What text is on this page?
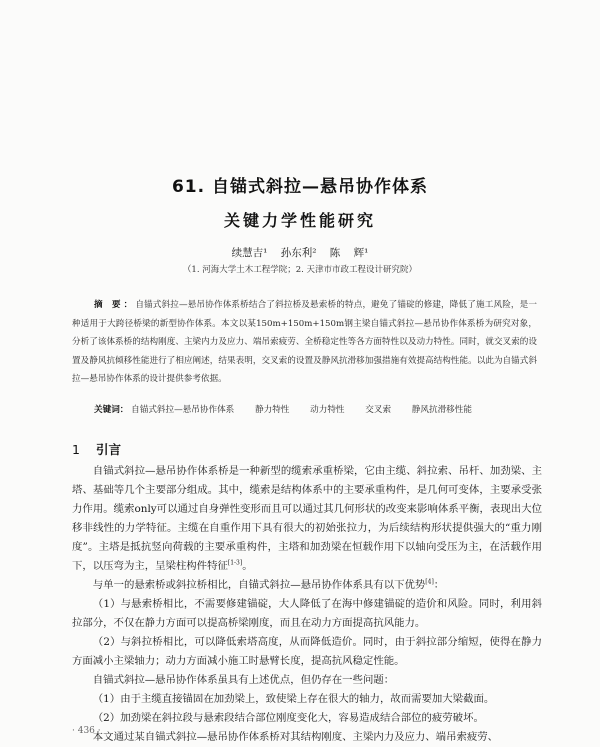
61. 自锚式斜拉—悬吊协作体系
关键力学性能研究
续慧吉¹ 孙东利² 陈 辉¹
（1. 河海大学土木工程学院；2. 天津市市政工程设计研究院）
摘 要：自锚式斜拉—悬吊协作体系桥结合了斜拉桥及悬索桥的特点，避免了锚碇的修建，降低了施工风险，是一种适用于大跨径桥梁的新型协作体系。本文以某150m+150m+150m钢主梁自锚式斜拉—悬吊协作体系桥为研究对象，分析了该体系桥的结构刚度、主梁内力及应力、端吊索疲劳、全桥稳定性等各方面特性以及动力特性。同时，就交叉索的设置及静风抗倾移性能进行了相应阐述，结果表明，交叉索的设置及静风抗滑移加强措施有效提高结构性能。以此为自锚式斜拉—悬吊协作体系的设计提供参考依据。
关键词： 自锚式斜拉—悬吊协作体系 静力特性 动力特性 交叉索 静风抗滑移性能
1 引言

自锚式斜拉—悬吊协作体系桥是一种新型的缆索承重桥梁，它由主缆、斜拉索、吊杆、加劲梁、主塔、基础等几个主要部分组成。其中，缆索是结构体系中的主要承重构件，是几何可变体，主要承受张力作用。缆索only可以通过自身弹性变形而且可以通过其几何形状的改变来影响体系平衡，表现出大位移非线性的力学特征。主缆在自重作用下具有很大的初始张拉力，为后续结构形状提供强大的“重力刚度”。主塔是抵抗竖向荷载的主要承重构件，主塔和加劲梁在恒载作用下以轴向受压为主，在活载作用下，以压弯为主，呈梁柱构件特征[1-3]。

与单一的悬索桥或斜拉桥相比，自锚式斜拉—悬吊协作体系具有以下优势[4]：

（1）与悬索桥相比，不需要修建锚碇，大人降低了在海中修建锚碇的造价和风险。同时，利用斜拉部分，不仅在静力方面可以提高桥梁刚度，而且在动力方面提高抗风能力。

（2）与斜拉桥相比，可以降低索塔高度，从而降低造价。同时，由于斜拉部分缩短，使得在静力方面减小主梁轴力；动力方面减小施工时悬臂长度，提高抗风稳定性能。

自锚式斜拉—悬吊协作体系虽具有上述优点，但仍存在一些问题：

（1）由于主缆直接锚固在加劲梁上，致使梁上存在很大的轴力，故而需要加大梁截面。

（2）加劲梁在斜拉段与悬索段结合部位刚度变化大，容易造成结合部位的疲劳破坏。

本文通过某自锚式斜拉—悬吊协作体系桥对其结构刚度、主梁内力及应力、端吊索疲劳、

· 436 ·
